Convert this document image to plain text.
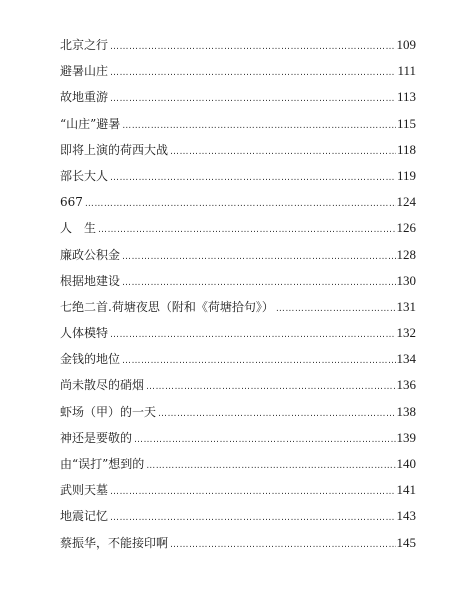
北京之行 ……………………………………………………………………………………………………………………………………………………………………………………	109
避暑山庄 ……………………………………………………………………………………………………………………………………………………………………………………	111
故地重游 ……………………………………………………………………………………………………………………………………………………………………………………	113
“山庄”避暑 ……………………………………………………………………………………………………………………………………………………………………………………	115
即将上演的荷西大战 ……………………………………………………………………………………………………………………………………………………………………………………	118
部长大人 ……………………………………………………………………………………………………………………………………………………………………………………	119
667 ……………………………………………………………………………………………………………………………………………………………………………………	124
人　生 ……………………………………………………………………………………………………………………………………………………………………………………	126
廉政公积金 ……………………………………………………………………………………………………………………………………………………………………………………	128
根据地建设 ……………………………………………………………………………………………………………………………………………………………………………………	130
七绝二首.荷塘夜思（附和《荷塘拾句》） ……………………………………………………………………………………………………………………………………………………………………………………	131
人体模特 ……………………………………………………………………………………………………………………………………………………………………………………	132
金钱的地位 ……………………………………………………………………………………………………………………………………………………………………………………	134
尚未散尽的硝烟 ……………………………………………………………………………………………………………………………………………………………………………………	136
虾场（甲）的一天 ……………………………………………………………………………………………………………………………………………………………………………………	138
神还是要敬的 ……………………………………………………………………………………………………………………………………………………………………………………	139
由“误打”想到的 ……………………………………………………………………………………………………………………………………………………………………………………	140
武则天墓 ……………………………………………………………………………………………………………………………………………………………………………………	141
地震记忆 ……………………………………………………………………………………………………………………………………………………………………………………	143
蔡振华，不能接印啊 ……………………………………………………………………………………………………………………………………………………………………………………	145
